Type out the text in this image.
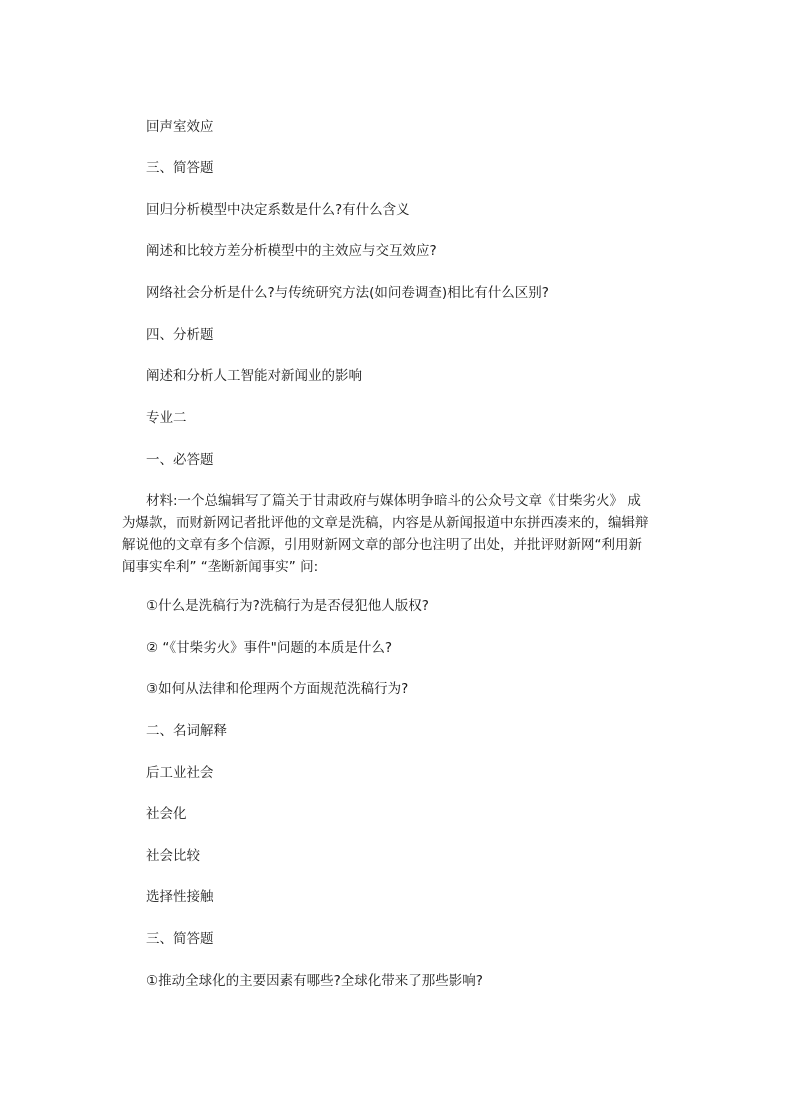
回声室效应
三、简答题
回归分析模型中决定系数是什么?有什么含义
阐述和比较方差分析模型中的主效应与交互效应?
网络社会分析是什么?与传统研究方法(如问卷调查)相比有什么区别?
四、分析题
阐述和分析人工智能对新闻业的影响
专业二
一、必答题
材料:一个总编辑写了篇关于甘肃政府与媒体明争暗斗的公众号文章《甘柴劣火》 成
为爆款，而财新网记者批评他的文章是洗稿，内容是从新闻报道中东拼西凑来的，编辑辩
解说他的文章有多个信源，引用财新网文章的部分也注明了出处，并批评财新网“利用新
闻事实牟利” “垄断新闻事实” 问:
①什么是洗稿行为?洗稿行为是否侵犯他人版权?
② “《甘柴劣火》事件"问题的本质是什么?
③如何从法律和伦理两个方面规范洗稿行为?
二、名词解释
后工业社会
社会化
社会比较
选择性接触
三、简答题
①推动全球化的主要因素有哪些?全球化带来了那些影响?
